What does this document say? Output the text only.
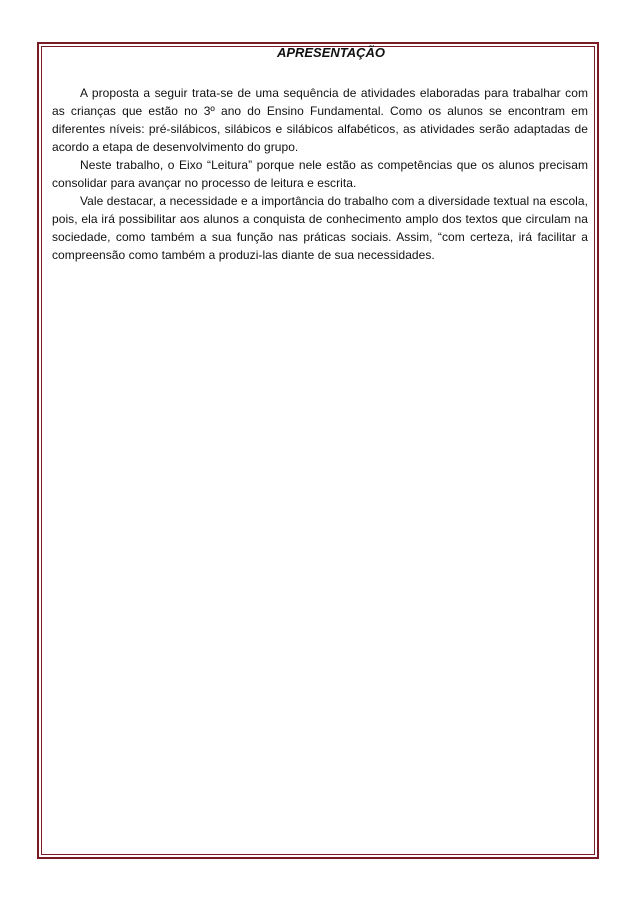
APRESENTAÇÃO

A proposta a seguir trata-se de uma sequência de atividades elaboradas para trabalhar com as crianças que estão no 3º ano do Ensino Fundamental. Como os alunos se encontram em diferentes níveis: pré-silábicos, silábicos e silábicos alfabéticos, as atividades serão adaptadas de acordo a etapa de desenvolvimento do grupo.

Neste trabalho, o Eixo “Leitura” porque nele estão as competências que os alunos precisam consolidar para avançar no processo de leitura e escrita.

Vale destacar, a necessidade e a importância do trabalho com a diversidade textual na escola, pois, ela irá possibilitar aos alunos a conquista de conhecimento amplo dos textos que circulam na sociedade, como também a sua função nas práticas sociais. Assim, “com certeza, irá facilitar a compreensão como também a produzi-las diante de sua necessidades.
